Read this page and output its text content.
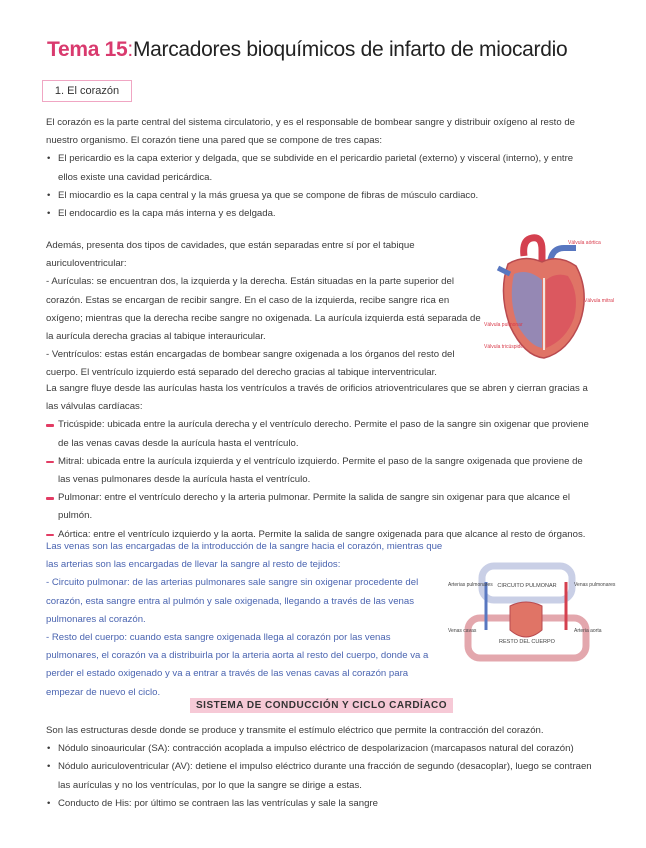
Tema 15:Marcadores bioquímicos de infarto de miocardio
1. El corazón

El corazón es la parte central del sistema circulatorio, y es el responsable de bombear sangre y distribuir oxígeno al resto de nuestro organismo. El corazón tiene una pared que se compone de tres capas:

• El pericardio es la capa exterior y delgada, que se subdivide en el pericardio parietal (externo) y visceral (interno), y entre ellos existe una cavidad pericárdica.

• El miocardio es la capa central y la más gruesa ya que se compone de fibras de músculo cardiaco.

• El endocardio es la capa más interna y es delgada.

Además, presenta dos tipos de cavidades, que están separadas entre sí por el tabique auriculoventricular:

- Aurículas: se encuentran dos, la izquierda y la derecha. Están situadas en la parte superior del corazón. Estas se encargan de recibir sangre. En el caso de la izquierda, recibe sangre rica en oxígeno; mientras que la derecha recibe sangre no oxigenada. La aurícula izquierda está separada de la aurícula derecha gracias al tabique interauricular.

- Ventrículos: estas están encargadas de bombear sangre oxigenada a los órganos del resto del cuerpo. El ventrículo izquierdo está separado del derecho gracias al tabique interventricular.

Válvula aórtica
Válvula mitral
Válvula pulmonar
Válvula tricúspide

La sangre fluye desde las aurículas hasta los ventrículos a través de orificios atrioventriculares que se abren y cierran gracias a las válvulas cardíacas:

Tricúspide: ubicada entre la aurícula derecha y el ventrículo derecho. Permite el paso de la sangre sin oxigenar que proviene de las venas cavas desde la aurícula hasta el ventrículo.

Mitral: ubicada entre la aurícula izquierda y el ventrículo izquierdo. Permite el paso de la sangre oxigenada que proviene de las venas pulmonares desde la aurícula hasta el ventrículo.

Pulmonar: entre el ventrículo derecho y la arteria pulmonar. Permite la salida de sangre sin oxigenar para que alcance el pulmón.

Aórtica: entre el ventrículo izquierdo y la aorta. Permite la salida de sangre oxigenada para que alcance al resto de órganos.

Las venas son las encargadas de la introducción de la sangre hacia el corazón, mientras que las arterias son las encargadas de llevar la sangre al resto de tejidos:

- Circuito pulmonar: de las arterias pulmonares sale sangre sin oxigenar procedente del corazón, esta sangre entra al pulmón y sale oxigenada, llegando a través de las venas pulmonares al corazón.

- Resto del cuerpo: cuando esta sangre oxigenada llega al corazón por las venas pulmonares, el corazón va a distribuirla por la arteria aorta al resto del cuerpo, donde va a perder el estado oxigenado y va a entrar a través de las venas cavas al corazón para empezar de nuevo el ciclo.

CIRCUITO PULMONAR
RESTO DEL CUERPO
Arterias pulmonares	Venas pulmonares
Venas cavas	Arteria aorta
SISTEMA DE CONDUCCIÓN Y CICLO CARDÍACO

Son las estructuras desde donde se produce y transmite el estímulo eléctrico que permite la contracción del corazón.

• Nódulo sinoauricular (SA): contracción acoplada a impulso eléctrico de despolarizacion (marcapasos natural del corazón)

• Nódulo auriculoventricular (AV): detiene el impulso eléctrico durante una fracción de segundo (desacoplar), luego se contraen las aurículas y no los ventrículas, por lo que la sangre se dirige a estas.

• Conducto de His: por último se contraen las las ventrículas y sale la sangre
